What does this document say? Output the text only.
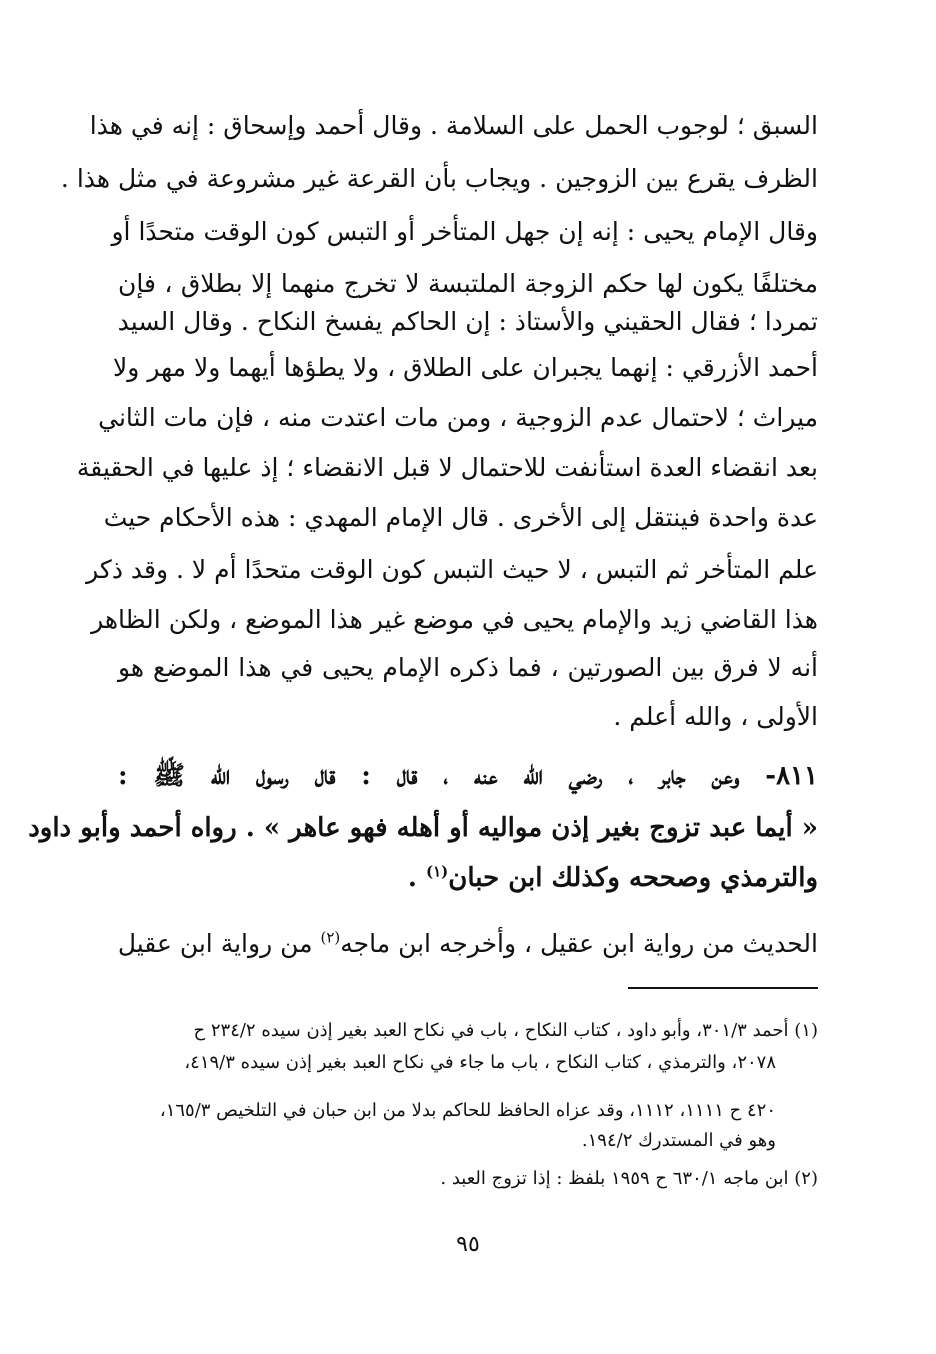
السبق ؛ لوجوب الحمل على السلامة . وقال أحمد وإسحاق : إنه في هذا
الظرف يقرع بين الزوجين . ويجاب بأن القرعة غير مشروعة في مثل هذا .
وقال الإمام يحيى : إنه إن جهل المتأخر أو التبس كون الوقت متحدًا أو
مختلفًا يكون لها حكم الزوجة الملتبسة لا تخرج منهما إلا بطلاق ، فإن
تمردا ؛ فقال الحقيني والأستاذ : إن الحاكم يفسخ النكاح . وقال السيد
أحمد الأزرقي : إنهما يجبران على الطلاق ، ولا يطؤها أيهما ولا مهر ولا
ميراث ؛ لاحتمال عدم الزوجية ، ومن مات اعتدت منه ، فإن مات الثاني
بعد انقضاء العدة استأنفت للاحتمال لا قبل الانقضاء ؛ إذ عليها في الحقيقة
عدة واحدة فينتقل إلى الأخرى . قال الإمام المهدي : هذه الأحكام حيث
علم المتأخر ثم التبس ، لا حيث التبس كون الوقت متحدًا أم لا . وقد ذكر
هذا القاضي زيد والإمام يحيى في موضع غير هذا الموضع ، ولكن الظاهر
أنه لا فرق بين الصورتين ، فما ذكره الإمام يحيى في هذا الموضع هو
الأولى ، والله أعلم .
٨١١- وعن جابر ، رضي الله عنه ، قال : قال رسول الله ﷺ :
« أيما عبد تزوج بغير إذن مواليه أو أهله فهو عاهر » . رواه أحمد وأبو داود
والترمذي وصححه وكذلك ابن حبان$^{(١)}$ .
الحديث من رواية ابن عقيل ، وأخرجه ابن ماجه$^{(٢)}$ من رواية ابن عقيل
(١) أحمد ٣٠١/٣، وأبو داود ، كتاب النكاح ، باب في نكاح العبد بغير إذن سيده ٢٣٤/٢ ح
٢٠٧٨، والترمذي ، كتاب النكاح ، باب ما جاء في نكاح العبد بغير إذن سيده ٤١٩/٣،
٤٢٠ ح ١١١١، ١١١٢، وقد عزاه الحافظ للحاكم بدلا من ابن حبان في التلخيص ١٦٥/٣،
وهو في المستدرك ١٩٤/٢.
(٢) ابن ماجه ٦٣٠/١ ح ١٩٥٩ بلفظ : إذا تزوج العبد .
٩٥
